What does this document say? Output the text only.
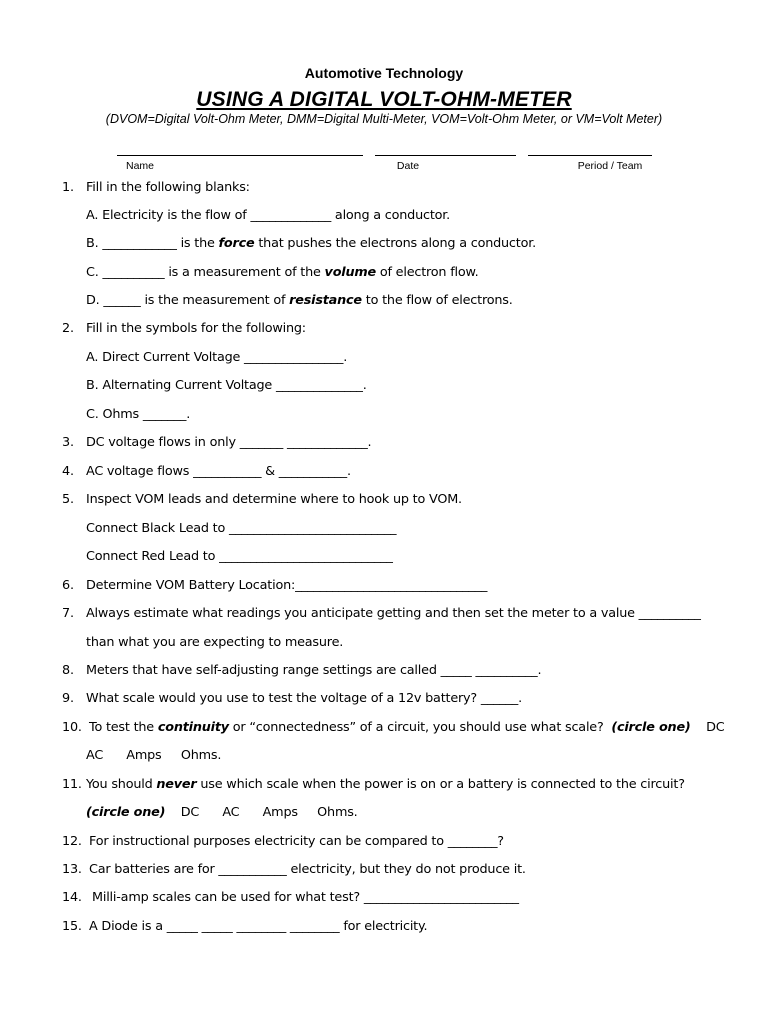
Automotive Technology
USING A DIGITAL VOLT-OHM-METER
(DVOM=Digital Volt-Ohm Meter, DMM=Digital Multi-Meter, VOM=Volt-Ohm Meter, or VM=Volt Meter)
Name	Date	Period / Team
1. Fill in the following blanks:
A. Electricity is the flow of _____________ along a conductor.
B. ____________ is the force that pushes the electrons along a conductor.
C. __________ is a measurement of the volume of electron flow.
D. ______ is the measurement of resistance to the flow of electrons.
2. Fill in the symbols for the following:
A. Direct Current Voltage ________________.
B. Alternating Current Voltage ______________.
C. Ohms _______.
3. DC voltage flows in only _______ _____________.
4. AC voltage flows ___________ & ___________.
5. Inspect VOM leads and determine where to hook up to VOM.
Connect Black Lead to ___________________________
Connect Red Lead to ____________________________
6. Determine VOM Battery Location:_______________________________
7. Always estimate what readings you anticipate getting and then set the meter to a value __________
than what you are expecting to measure.
8. Meters that have self-adjusting range settings are called _____ __________.
9. What scale would you use to test the voltage of a 12v battery? ______.
10. To test the continuity or “connectedness” of a circuit, you should use what scale?  (circle one)    DC
AC      Amps     Ohms.
11. You should never use which scale when the power is on or a battery is connected to the circuit?
(circle one)    DC      AC      Amps     Ohms.
12. For instructional purposes electricity can be compared to ________?
13. Car batteries are for ___________ electricity, but they do not produce it.
14. Milli-amp scales can be used for what test? _________________________
15. A Diode is a _____ _____ ________ ________ for electricity.
